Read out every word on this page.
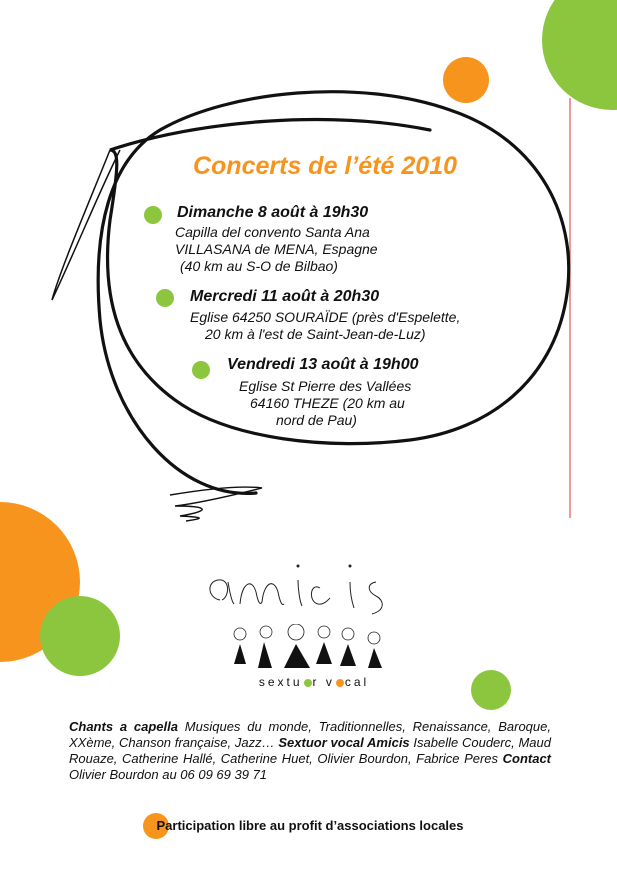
Concerts de l’été 2010
Dimanche 8 août à 19h30
Capilla del convento Santa Ana
VILLASANA de MENA, Espagne
(40 km au S-O de Bilbao)
Mercredi 11 août à 20h30
Eglise 64250 SOURAÏDE (près d'Espelette,
20 km à l'est de Saint-Jean-de-Luz)
Vendredi 13 août à 19h00
Eglise St Pierre des Vallées
64160 THEZE (20 km au
nord de Pau)
sextu r v cal
Chants a capella Musiques du monde, Traditionnelles, Renaissance, Baroque, XXème, Chanson française, Jazz… Sextuor vocal Amicis Isabelle Couderc, Maud Rouaze, Catherine Hallé, Catherine Huet, Olivier Bourdon, Fabrice Peres Contact Olivier Bourdon au 06 09 69 39 71
Participation libre au profit d’associations locales
